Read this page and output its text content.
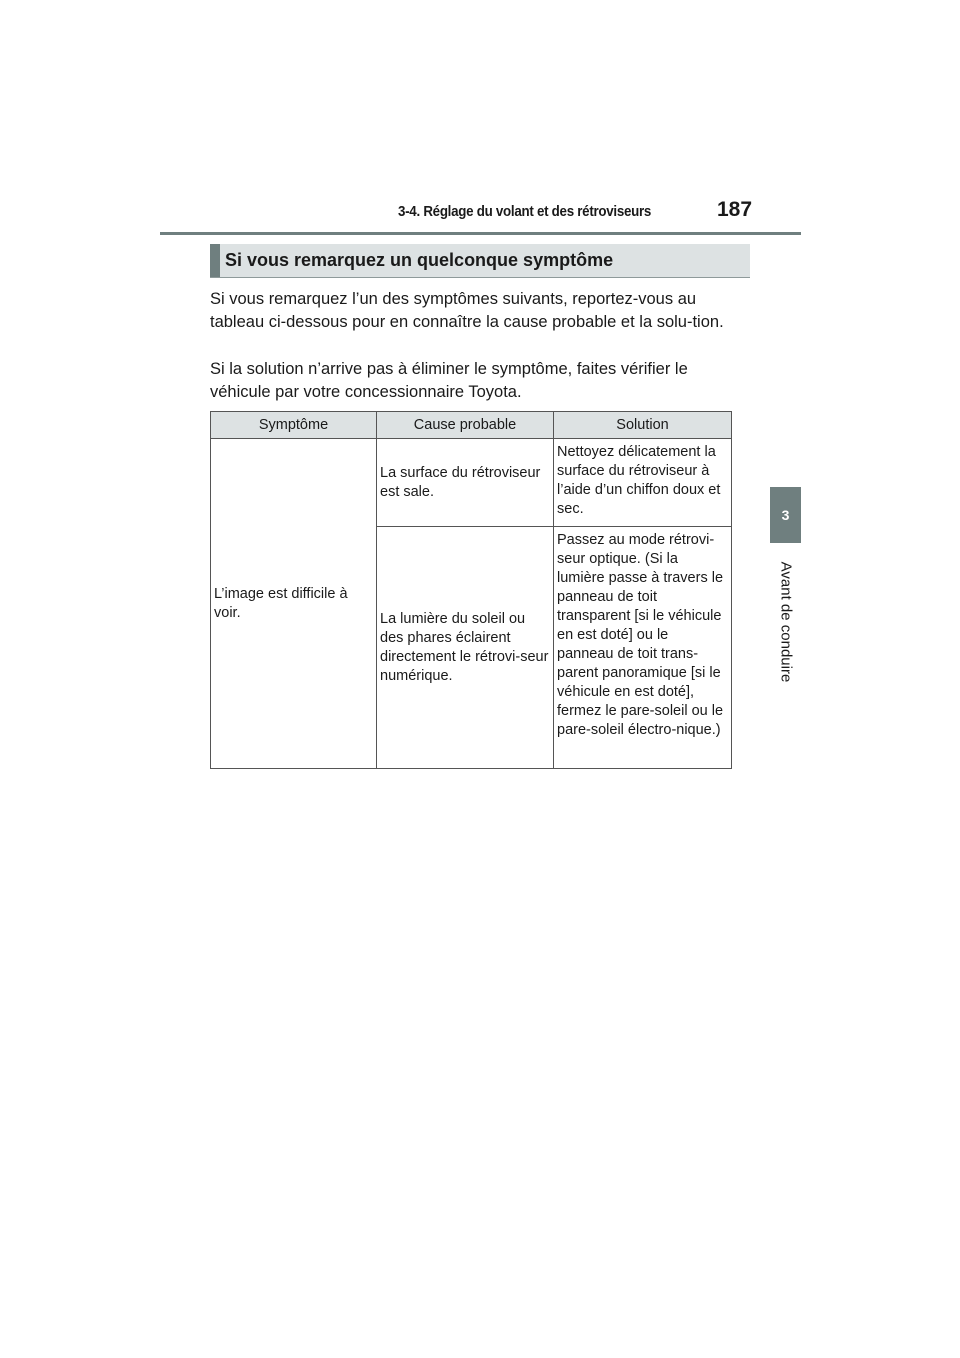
3-4. Réglage du volant et des rétroviseurs	187
3
Avant de conduire
Si vous remarquez un quelconque symptôme

Si vous remarquez l’un des symptômes suivants, reportez-vous au tableau ci-dessous pour en connaître la cause probable et la solu-tion.

Si la solution n’arrive pas à éliminer le symptôme, faites vérifier le véhicule par votre concessionnaire Toyota.

Symptôme	Cause probable	Solution
L’image est difficile à voir.	La surface du rétroviseur est sale.	Nettoyez délicatement la surface du rétroviseur à l’aide d’un chiffon doux et sec.
	La lumière du soleil ou des phares éclairent directement le rétrovi-seur numérique.	Passez au mode rétrovi-seur optique. (Si la lumière passe à travers le panneau de toit transparent [si le véhicule en est doté] ou le panneau de toit trans-parent panoramique [si le véhicule en est doté], fermez le pare-soleil ou le pare-soleil électro-nique.)
